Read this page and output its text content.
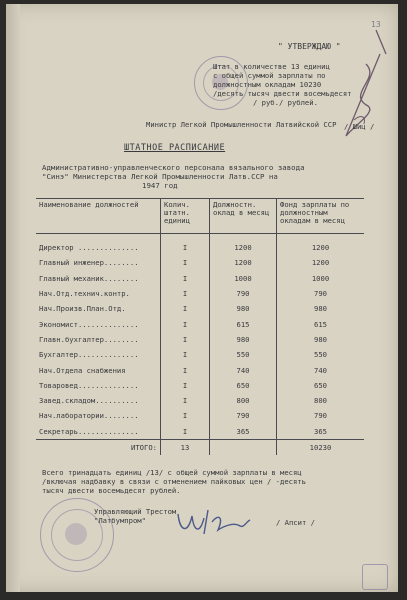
13
" УТВЕРЖДАЮ "
Штат в количестве 13 единиц
с общей суммой зарплаты по
должностным окладам 10230
/десять тысяч двести восемьдесят
/ руб./ рублей.
Министр Легкой Промышленности Латвийской ССР / Шиц /
ШТАТНОЕ РАСПИСАНИЕ
Административно-управленческого персонала вязального завода
"Синэ" Министерства Легкой Промышленности Латв.ССР на
1947 год
Наименование должностей	Колич. штатн. единиц	Должностн. оклад в месяц	Фонд зарплаты по должностным окладам в месяц
Директор ..............	I	1200	1200
Главный инженер........	I	1200	1200
Главный механик........	I	1000	1000
Нач.Отд.технич.контр.	I	790	790
Нач.Произв.План.Отд.	I	980	980
Экономист..............	I	615	615
Главн.бухгалтер........	I	980	980
Бухгалтер..............	I	550	550
Нач.Отдела снабжения	I	740	740
Товаровед..............	I	650	650
Завед.складом..........	I	800	800
Нач.лаборатории........	I	790	790
Секретарь..............	I	365	365
ИТОГО:	13		10230
Всего тринадцать единиц /13/ с общей суммой зарплаты в месяц
/включая надбавку в связи с отменением пайковых цен / -десять
тысяч двести восемьдесят рублей.
Управляющий Трестом
"Латбумпром"	/ Апсит /
